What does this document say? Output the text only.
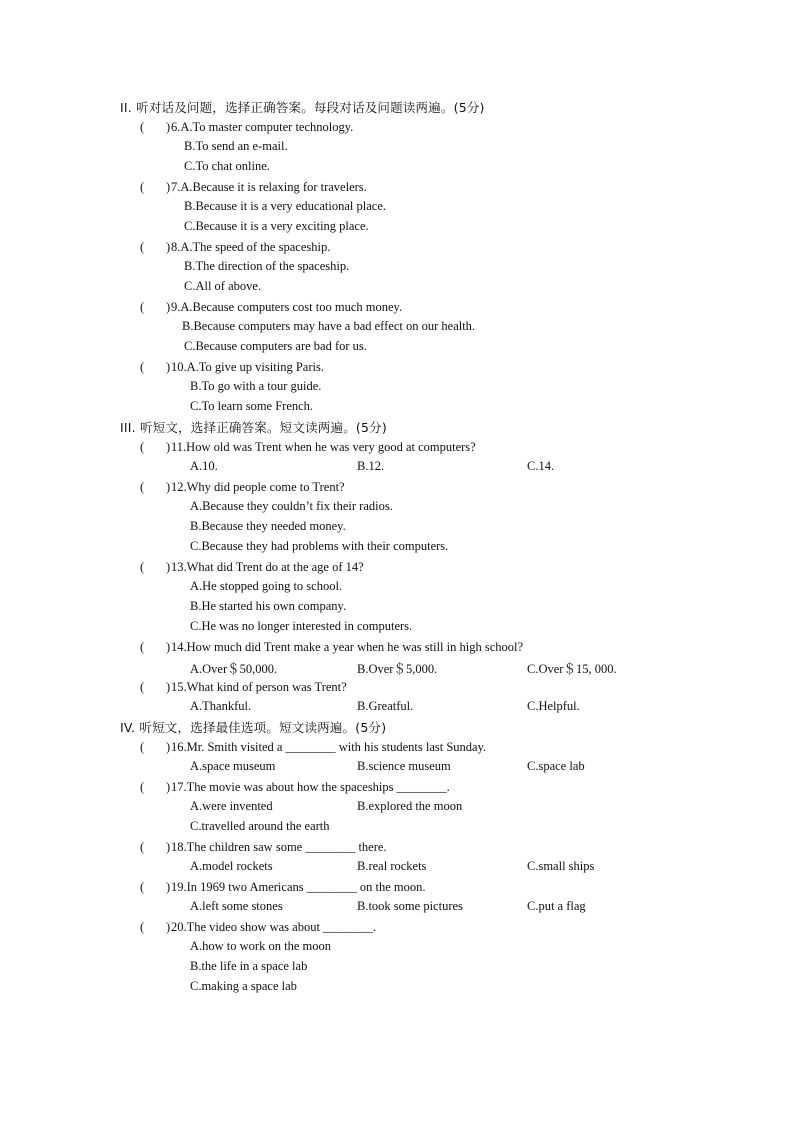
II. 听对话及问题，选择正确答案。每段对话及问题读两遍。(5分)
( ) 6.A.To master computer technology.
B.To send an e-mail.
C.To chat online.
( ) 7.A.Because it is relaxing for travelers.
B.Because it is a very educational place.
C.Because it is a very exciting place.
( ) 8.A.The speed of the spaceship.
B.The direction of the spaceship.
C.All of above.
( ) 9.A.Because computers cost too much money.
B.Because computers may have a bad effect on our health.
C.Because computers are bad for us.
( ) 10.A.To give up visiting Paris.
B.To go with a tour guide.
C.To learn some French.
III. 听短文，选择正确答案。短文读两遍。(5分)
( ) 11.How old was Trent when he was very good at computers?
A.10.	B.12.	C.14.
( ) 12.Why did people come to Trent?
A.Because they couldn’t fix their radios.
B.Because they needed money.
C.Because they had problems with their computers.
( ) 13.What did Trent do at the age of 14?
A.He stopped going to school.
B.He started his own company.
C.He was no longer interested in computers.
( ) 14.How much did Trent make a year when he was still in high school?
A.Over＄50,000.	B.Over＄5,000.	C.Over＄15, 000.
( ) 15.What kind of person was Trent?
A.Thankful.	B.Greatful.	C.Helpful.
IV. 听短文，选择最佳选项。短文读两遍。(5分)
( ) 16.Mr. Smith visited a ________ with his students last Sunday.
A.space museum	B.science museum	C.space lab
( ) 17.The movie was about how the spaceships ________.
A.were invented	B.explored the moon
C.travelled around the earth
( ) 18.The children saw some ________ there.
A.model rockets	B.real rockets	C.small ships
( ) 19.In 1969 two Americans ________ on the moon.
A.left some stones	B.took some pictures	C.put a flag
( ) 20.The video show was about ________.
A.how to work on the moon
B.the life in a space lab
C.making a space lab
